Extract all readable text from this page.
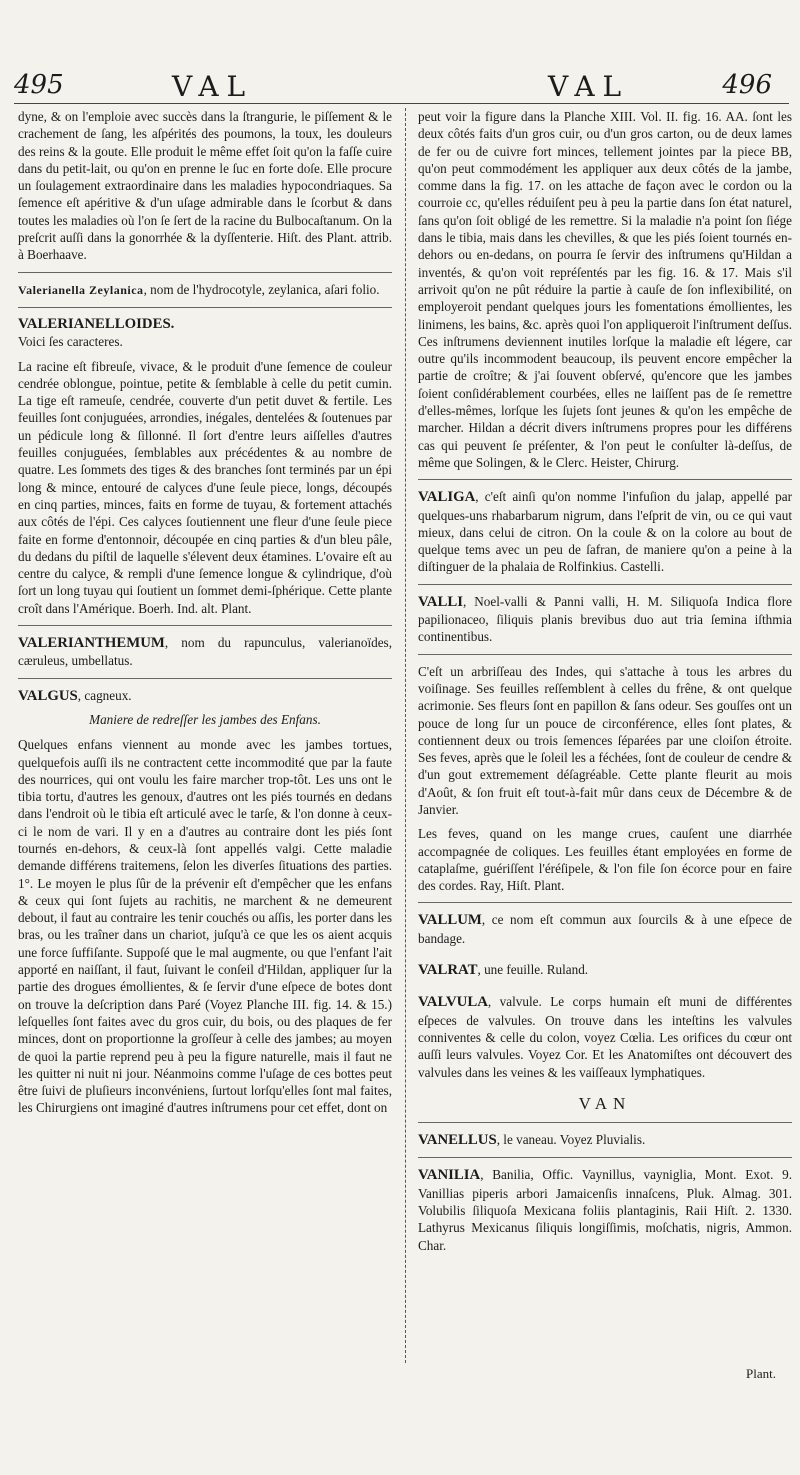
495	VAL	VAL	496

dyne, & on l'emploie avec succès dans la ſtrangurie, le piſſement & le crachement de ſang, les aſpérités des poumons, la toux, les douleurs des reins & la goute. Elle produit le même effet ſoit qu'on la faſſe cuire dans du petit-lait, ou qu'on en prenne le ſuc en forte doſe. Elle procure un ſoulagement extraordinaire dans les maladies hypocondriaques. Sa ſemence eſt apéritive & d'un uſage admirable dans le ſcorbut & dans toutes les maladies où l'on ſe ſert de la racine du Bulbocaſtanum. On la preſcrit auſſi dans la gonorrhée & la dyſſenterie. Hiſt. des Plant. attrib. à Boerhaave.

Valerianella Zeylanica, nom de l'hydrocotyle, zeylanica, aſari folio.
VALERIANELLOIDES.

Voici ſes caracteres.

La racine eſt fibreuſe, vivace, & le produit d'une ſemence de couleur cendrée oblongue, pointue, petite & ſemblable à celle du petit cumin. La tige eſt rameuſe, cendrée, couverte d'un petit duvet & fertile. Les feuilles ſont conjuguées, arrondies, inégales, dentelées & ſoutenues par un pédicule long & ſillonné. Il ſort d'entre leurs aiſſelles d'autres feuilles conjuguées, ſemblables aux précédentes & au nombre de quatre. Les ſommets des tiges & des branches ſont terminés par un épi long & mince, entouré de calyces d'une ſeule piece, longs, découpés en cinq parties, minces, faits en forme de tuyau, & fortement attachés aux côtés de l'épi. Ces calyces ſoutiennent une fleur d'une ſeule piece faite en forme d'entonnoir, découpée en cinq parties & d'un bleu pâle, du dedans du piſtil de laquelle s'élevent deux étamines. L'ovaire eſt au centre du calyce, & rempli d'une ſemence longue & cylindrique, d'où ſort un long tuyau qui ſoutient un ſommet demi-ſphérique. Cette plante croît dans l'Amérique. Boerh. Ind. alt. Plant.

VALERIANTHEMUM, nom du rapunculus, valerianoïdes, cæruleus, umbellatus.
VALGUS, cagneux.
Maniere de redreſſer les jambes des Enfans.

Quelques enfans viennent au monde avec les jambes tortues, quelquefois auſſi ils ne contractent cette incommodité que par la faute des nourrices, qui ont voulu les faire marcher trop-tôt. Les uns ont le tibia tortu, d'autres les genoux, d'autres ont les piés tournés en dedans dans l'endroit où le tibia eſt articulé avec le tarſe, & l'on donne à ceux-ci le nom de vari. Il y en a d'autres au contraire dont les piés ſont tournés en-dehors, & ceux-là ſont appellés valgi. Cette maladie demande différens traitemens, ſelon les diverſes ſituations des parties. 1°. Le moyen le plus ſûr de la prévenir eſt d'empêcher que les enfans & ceux qui ſont ſujets au rachitis, ne marchent & ne demeurent debout, il faut au contraire les tenir couchés ou aſſis, les porter dans les bras, ou les traîner dans un chariot, juſqu'à ce que les os aient acquis une force ſuffiſante. Suppoſé que le mal augmente, ou que l'enfant l'ait apporté en naiſſant, il faut, ſuivant le conſeil d'Hildan, appliquer ſur la partie des drogues émollientes, & ſe ſervir d'une eſpece de botes dont on trouve la deſcription dans Paré (Voyez Planche III. fig. 14. & 15.) leſquelles ſont faites avec du gros cuir, du bois, ou des plaques de fer minces, dont on proportionne la groſſeur à celle des jambes; au moyen de quoi la partie reprend peu à peu la figure naturelle, mais il faut ne les quitter ni nuit ni jour. Néanmoins comme l'uſage de ces bottes peut être ſuivi de pluſieurs inconvéniens, ſurtout lorſqu'elles ſont mal faites, les Chirurgiens ont imaginé d'autres inſtrumens pour cet effet, dont on

peut voir la figure dans la Planche XIII. Vol. II. fig. 16. AA. ſont les deux côtés faits d'un gros cuir, ou d'un gros carton, ou de deux lames de fer ou de cuivre fort minces, tellement jointes par la piece BB, qu'on peut commodément les appliquer aux deux côtés de la jambe, comme dans la fig. 17. on les attache de façon avec le cordon ou la courroie cc, qu'elles réduiſent peu à peu la partie dans ſon état naturel, ſans qu'on ſoit obligé de les remettre. Si la maladie n'a point ſon ſiége dans le tibia, mais dans les chevilles, & que les piés ſoient tournés en-dehors ou en-dedans, on pourra ſe ſervir des inſtrumens qu'Hildan a inventés, & qu'on voit repréſentés par les fig. 16. & 17. Mais s'il arrivoit qu'on ne pût réduire la partie à cauſe de ſon inflexibilité, on employeroit pendant quelques jours les fomentations émollientes, les linimens, les bains, &c. après quoi l'on appliqueroit l'inſtrument deſſus. Ces inſtrumens deviennent inutiles lorſque la maladie eſt légere, car outre qu'ils incommodent beaucoup, ils peuvent encore empêcher la partie de croître; & j'ai ſouvent obſervé, qu'encore que les jambes ſoient conſidérablement courbées, elles ne laiſſent pas de ſe remettre d'elles-mêmes, lorſque les ſujets ſont jeunes & qu'on les empêche de marcher. Hildan a décrit divers inſtrumens propres pour les différens cas qui peuvent ſe préſenter, & l'on peut le conſulter là-deſſus, de même que Solingen, & le Clerc. Heister, Chirurg.

VALIGA, c'eſt ainſi qu'on nomme l'infuſion du jalap, appellé par quelques-uns rhabarbarum nigrum, dans l'eſprit de vin, ou ce qui vaut mieux, dans celui de citron. On la coule & on la colore au bout de quelque tems avec un peu de ſafran, de maniere qu'on a peine à la diſtinguer de la phalaia de Rolfinkius. Castelli.
VALLI, Noel-valli & Panni valli, H. M. Siliquoſa Indica flore papilionaceo, ſiliquis planis brevibus duo aut tria ſemina iſthmia continentibus.

C'eſt un arbriſſeau des Indes, qui s'attache à tous les arbres du voiſinage. Ses feuilles reſſemblent à celles du frêne, & ont quelque acrimonie. Ses fleurs ſont en papillon & ſans odeur. Ses gouſſes ont un pouce de long ſur un pouce de circonférence, elles ſont plates, & contiennent deux ou trois ſemences ſéparées par une cloiſon étroite. Ses feves, après que le ſoleil les a féchées, ſont de couleur de cendre & d'un gout extremement déſagréable. Cette plante fleurit au mois d'Août, & ſon fruit eſt tout-à-fait mûr dans ceux de Décembre & de Janvier.

Les feves, quand on les mange crues, cauſent une diarrhée accompagnée de coliques. Les feuilles étant employées en forme de cataplaſme, guériſſent l'éréſipele, & l'on file ſon écorce pour en faire des cordes. Ray, Hiſt. Plant.

VALLUM, ce nom eſt commun aux ſourcils & à une eſpece de bandage.
VALRAT, une feuille. Ruland.
VALVULA, valvule. Le corps humain eſt muni de différentes eſpeces de valvules. On trouve dans les inteſtins les valvules conniventes & celle du colon, voyez Cœlia. Les orifices du cœur ont auſſi leurs valvules. Voyez Cor. Et les Anatomiſtes ont découvert des valvules dans les veines & les vaiſſeaux lymphatiques.
VAN
VANELLUS, le vaneau. Voyez Pluvialis.
VANILIA, Banilia, Offic. Vaynillus, vayniglia, Mont. Exot. 9. Vanillias piperis arbori Jamaicenſis innaſcens, Pluk. Almag. 301. Volubilis ſiliquoſa Mexicana foliis plantaginis, Raii Hiſt. 2. 1330. Lathyrus Mexicanus ſiliquis longiſſimis, moſchatis, nigris, Ammon. Char.
Plant.
